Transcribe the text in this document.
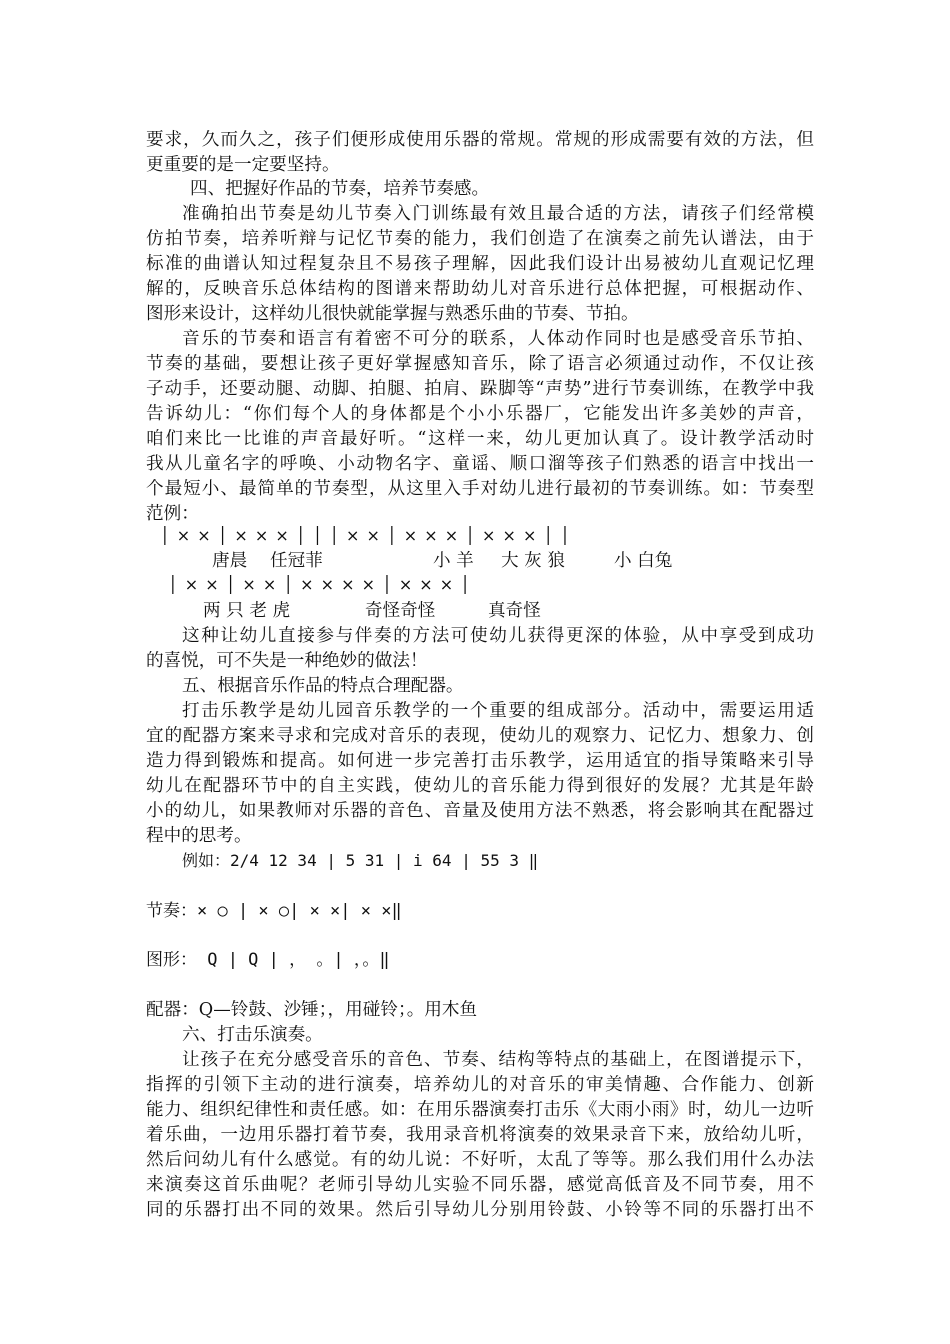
要求，久而久之，孩子们便形成使用乐器的常规。常规的形成需要有效的方法，但
更重要的是一定要坚持。
四、把握好作品的节奏，培养节奏感。
准确拍出节奏是幼儿节奏入门训练最有效且最合适的方法，请孩子们经常模
仿拍节奏，培养听辩与记忆节奏的能力，我们创造了在演奏之前先认谱法，由于
标准的曲谱认知过程复杂且不易孩子理解，因此我们设计出易被幼儿直观记忆理
解的，反映音乐总体结构的图谱来帮助幼儿对音乐进行总体把握，可根据动作、
图形来设计，这样幼儿很快就能掌握与熟悉乐曲的节奏、节拍。
音乐的节奏和语言有着密不可分的联系，人体动作同时也是感受音乐节拍、
节奏的基础，要想让孩子更好掌握感知音乐，除了语言必须通过动作，不仅让孩
子动手，还要动腿、动脚、拍腿、拍肩、跺脚等“声势”进行节奏训练，在教学中我
告诉幼儿：“你们每个人的身体都是个小小乐器厂，它能发出许多美妙的声音，
咱们来比一比谁的声音最好听。“这样一来，幼儿更加认真了。设计教学活动时
我从儿童名字的呼唤、小动物名字、童谣、顺口溜等孩子们熟悉的语言中找出一
个最短小、最简单的节奏型，从这里入手对幼儿进行最初的节奏训练。如：节奏型
范例：
│ × × │ × × × │ │ │ × × │ × × × │ × × × │ │
唐晨	任冠菲	小 羊	大 灰 狼	小 白兔
│ × × │ × × │ × × × × │ × × × │
两 只 老 虎	奇怪奇怪	真奇怪
这种让幼儿直接参与伴奏的方法可使幼儿获得更深的体验，从中享受到成功
的喜悦，可不失是一种绝妙的做法！
五、根据音乐作品的特点合理配器。
打击乐教学是幼儿园音乐教学的一个重要的组成部分。活动中，需要运用适
宜的配器方案来寻求和完成对音乐的表现，使幼儿的观察力、记忆力、想象力、创
造力得到锻炼和提高。如何进一步完善打击乐教学，运用适宜的指导策略来引导
幼儿在配器环节中的自主实践，使幼儿的音乐能力得到很好的发展？尤其是年龄
小的幼儿，如果教师对乐器的音色、音量及使用方法不熟悉，将会影响其在配器过
程中的思考。
例如：2/4 12 34 | 5 31 | i 64 | 55 3 ‖
节奏：× ○ | × ○| × ×| × ×‖
图形： Q | Q | ， 。| ，。‖
配器：Q—铃鼓、沙锤；，用碰铃；。用木鱼
六、打击乐演奏。
让孩子在充分感受音乐的音色、节奏、结构等特点的基础上，在图谱提示下，
指挥的引领下主动的进行演奏，培养幼儿的对音乐的审美情趣、合作能力、创新
能力、组织纪律性和责任感。如：在用乐器演奏打击乐《大雨小雨》时，幼儿一边听
着乐曲，一边用乐器打着节奏，我用录音机将演奏的效果录音下来，放给幼儿听，
然后问幼儿有什么感觉。有的幼儿说：不好听，太乱了等等。那么我们用什么办法
来演奏这首乐曲呢？老师引导幼儿实验不同乐器，感觉高低音及不同节奏，用不
同的乐器打出不同的效果。然后引导幼儿分别用铃鼓、小铃等不同的乐器打出不
